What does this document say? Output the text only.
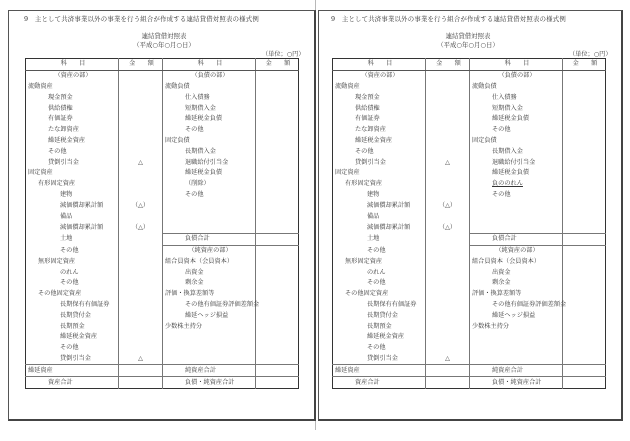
9　主として共済事業以外の事業を行う組合が作成する連結貸借対照表の様式例
連結貸借対照表
（平成○年○月○日）
（単位；○円）
科　　目	金　　額	科　　目	金　　額
（資産の部）		（負債の部）	
流動資産		流動負債	
現金預金		仕入債務	
供給債権		短期借入金	
有価証券		繰延税金負債	
たな卸資産		その他	
繰延税金資産		固定負債	
その他		長期借入金	
貸倒引当金	△	退職給付引当金	
固定資産		繰延税金負債	
有形固定資産		（削除）	
建物		その他	
減価償却累計額	（△）		
備品			
減価償却累計額	（△）		
土地		負債合計	
その他		（純資産の部）	
無形固定資産		組合員資本（会員資本）	
のれん		出資金	
その他		剰余金	
その他固定資産		評価・換算差額等	
長期保有有価証券		その他有価証券評価差額金	
長期貸付金		繰延ヘッジ損益	
長期預金		少数株主持分	
繰延税金資産			
その他			
貸倒引当金	△		
繰延資産		純資産合計	
資産合計		負債・純資産合計	
9　主として共済事業以外の事業を行う組合が作成する連結貸借対照表の様式例
連結貸借対照表
（平成○年○月○日）
（単位；○円）
科　　目	金　　額	科　　目	金　　額
（資産の部）		（負債の部）	
流動資産		流動負債	
現金預金		仕入債務	
供給債権		短期借入金	
有価証券		繰延税金負債	
たな卸資産		その他	
繰延税金資産		固定負債	
その他		長期借入金	
貸倒引当金	△	退職給付引当金	
固定資産		繰延税金負債	
有形固定資産		負ののれん	
建物		その他	
減価償却累計額	（△）		
備品			
減価償却累計額	（△）		
土地		負債合計	
その他		（純資産の部）	
無形固定資産		組合員資本（会員資本）	
のれん		出資金	
その他		剰余金	
その他固定資産		評価・換算差額等	
長期保有有価証券		その他有価証券評価差額金	
長期貸付金		繰延ヘッジ損益	
長期預金		少数株主持分	
繰延税金資産			
その他			
貸倒引当金	△		
繰延資産		純資産合計	
資産合計		負債・純資産合計	
